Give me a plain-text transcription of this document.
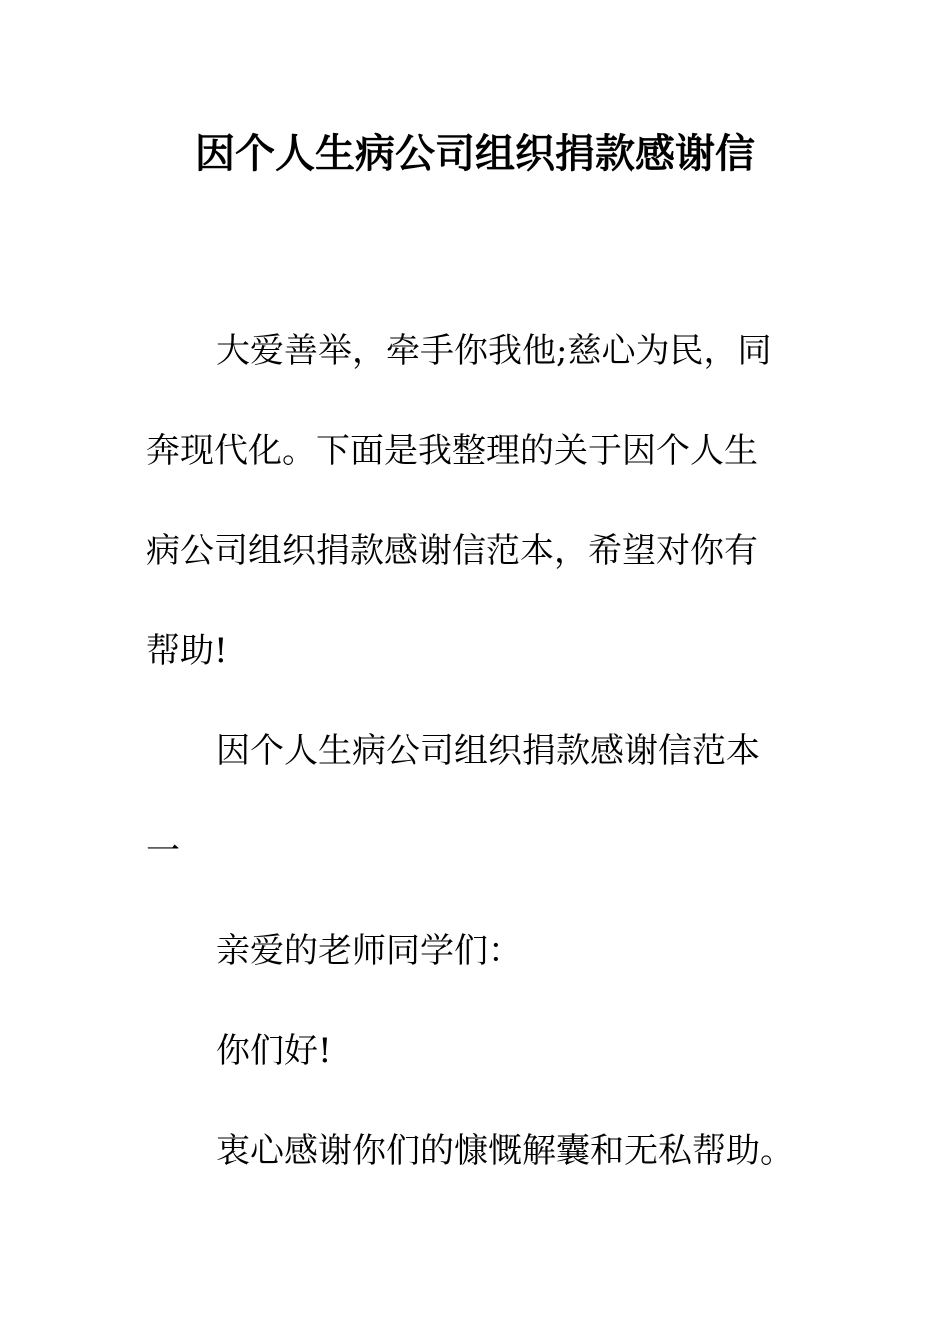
因个人生病公司组织捐款感谢信
大爱善举，牵手你我他;慈心为民，同
奔现代化。下面是我整理的关于因个人生
病公司组织捐款感谢信范本，希望对你有
帮助!
因个人生病公司组织捐款感谢信范本
一
亲爱的老师同学们：
你们好!
衷心感谢你们的慷慨解囊和无私帮助。
